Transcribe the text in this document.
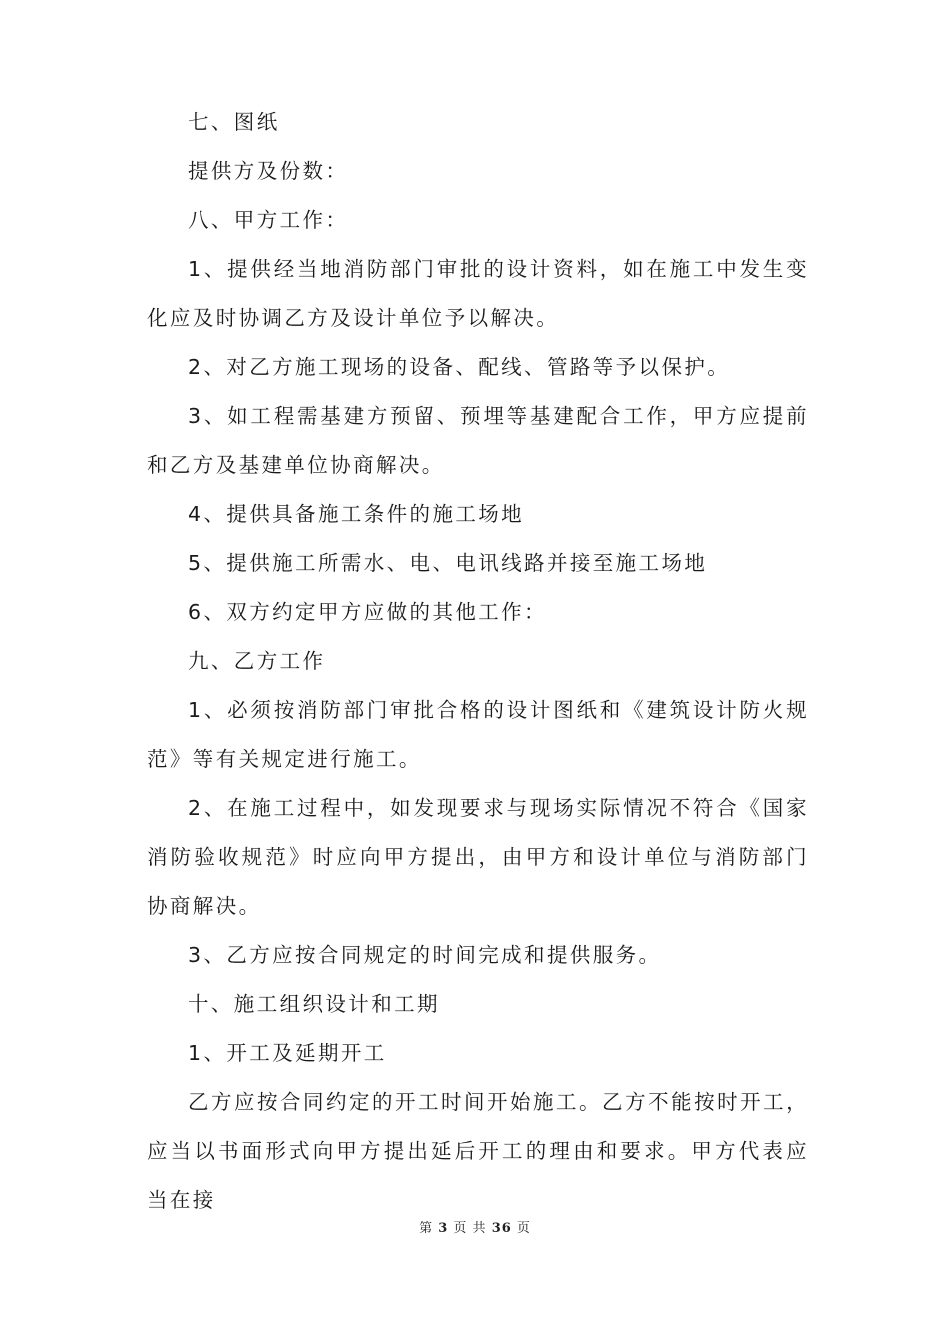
七、图纸

提供方及份数：

八、甲方工作：

1、提供经当地消防部门审批的设计资料，如在施工中发生变化应及时协调乙方及设计单位予以解决。

2、对乙方施工现场的设备、配线、管路等予以保护。

3、如工程需基建方预留、预埋等基建配合工作，甲方应提前和乙方及基建单位协商解决。

4、提供具备施工条件的施工场地

5、提供施工所需水、电、电讯线路并接至施工场地

6、双方约定甲方应做的其他工作：

九、乙方工作

1、必须按消防部门审批合格的设计图纸和《建筑设计防火规范》等有关规定进行施工。

2、在施工过程中，如发现要求与现场实际情况不符合《国家消防验收规范》时应向甲方提出，由甲方和设计单位与消防部门协商解决。

3、乙方应按合同规定的时间完成和提供服务。

十、施工组织设计和工期

1、开工及延期开工

乙方应按合同约定的开工时间开始施工。乙方不能按时开工，应当以书面形式向甲方提出延后开工的理由和要求。甲方代表应当在接

第 3 页 共 36 页
